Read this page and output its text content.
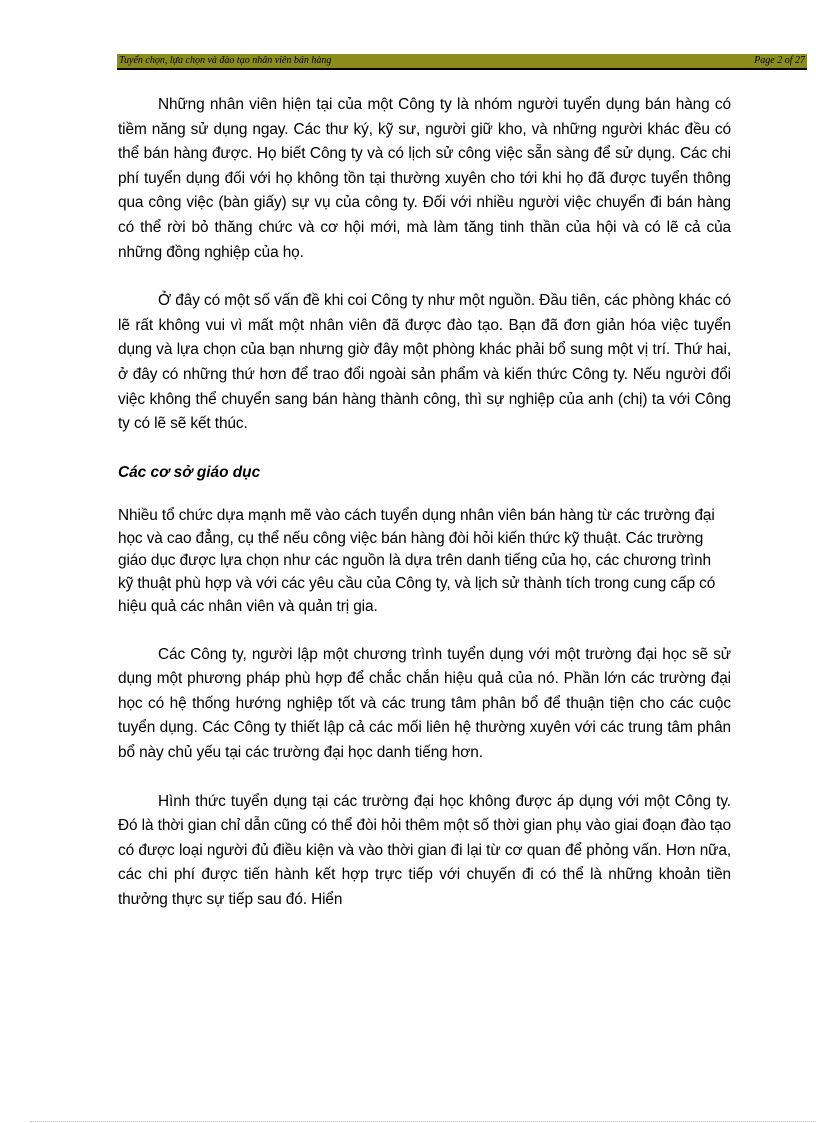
Tuyển chọn, lựa chọn và đào tạo nhân viên bán hàng	Page 2 of 27

Những nhân viên hiện tại của một Công ty là nhóm người tuyển dụng bán hàng có tiềm năng sử dụng ngay. Các thư ký, kỹ sư, người giữ kho, và những người khác đều có thể bán hàng được. Họ biết Công ty và có lịch sử công việc sẵn sàng để sử dụng. Các chi phí tuyển dụng đối với họ không tồn tại thường xuyên cho tới khi họ đã được tuyển thông qua công việc (bàn giấy) sự vụ của công ty. Đối với nhiều người việc chuyển đi bán hàng có thể rời bỏ thăng chức và cơ hội mới, mà làm tăng tinh thần của hội và có lẽ cả của những đồng nghiệp của họ.

Ở đây có một số vấn đề khi coi Công ty như một nguồn. Đầu tiên, các phòng khác có lẽ rất không vui vì mất một nhân viên đã được đào tạo. Bạn đã đơn giản hóa việc tuyển dụng và lựa chọn của bạn nhưng giờ đây một phòng khác phải bổ sung một vị trí. Thứ hai, ở đây có những thứ hơn để trao đổi ngoài sản phẩm và kiến thức Công ty. Nếu người đổi việc không thể chuyển sang bán hàng thành công, thì sự nghiệp của anh (chị) ta với Công ty có lẽ sẽ kết thúc.

Các cơ sở giáo dục

Nhiều tổ chức dựa mạnh mẽ vào cách tuyển dụng nhân viên bán hàng từ các trường đại học và cao đẳng, cụ thể nếu công việc bán hàng đòi hỏi kiến thức kỹ thuật. Các trường giáo dục được lựa chọn như các nguồn là dựa trên danh tiếng của họ, các chương trình kỹ thuật phù hợp và với các yêu cầu của Công ty, và lịch sử thành tích trong cung cấp có hiệu quả các nhân viên và quản trị gia.

Các Công ty, người lập một chương trình tuyển dụng với một trường đại học sẽ sử dụng một phương pháp phù hợp để chắc chắn hiệu quả của nó. Phần lớn các trường đại học có hệ thống hướng nghiệp tốt và các trung tâm phân bổ để thuận tiện cho các cuộc tuyển dụng. Các Công ty thiết lập cả các mối liên hệ thường xuyên với các trung tâm phân bổ này chủ yếu tại các trường đại học danh tiếng hơn.

Hình thức tuyển dụng tại các trường đại học không được áp dụng với một Công ty. Đó là thời gian chỉ dẫn cũng có thể đòi hỏi thêm một số thời gian phụ vào giai đoạn đào tạo có được loại người đủ điều kiện và vào thời gian đi lại từ cơ quan để phỏng vấn. Hơn nữa, các chi phí được tiến hành kết hợp trực tiếp với chuyến đi có thể là những khoản tiền thưởng thực sự tiếp sau đó. Hiển
